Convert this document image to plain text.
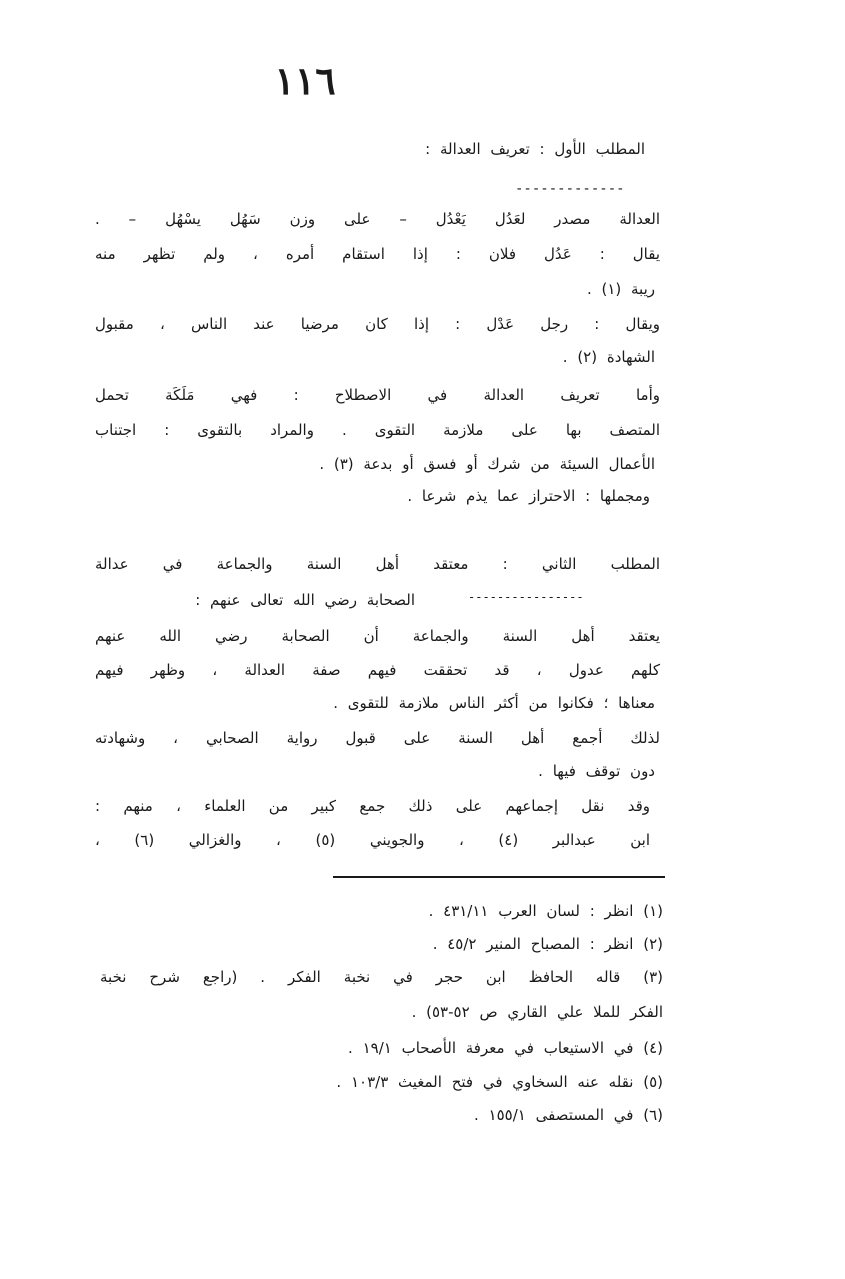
١١٦
المطلب الأول : تعريف العدالة :
-------------
العدالة مصدر لعَدُل يَعْدُل – على وزن سَهُل يسْهُل – .
يقال : عَدُل فلان : إذا استقام أمره ، ولم تظهر منه
ريبة (١) .
ويقال : رجل عَدْل : إذا كان مرضيا عند الناس ، مقبول
الشهادة (٢) .
وأما تعريف العدالة في الاصطلاح : فهي مَلَكَة تحمل
المتصف بها على ملازمة التقوى . والمراد بالتقوى : اجتناب
الأعمال السيئة من شرك أو فسق أو بدعة (٣) .
ومجملها : الاحتراز عما يذم شرعا .
المطلب الثاني : معتقد أهل السنة والجماعة في عدالة
----------------
الصحابة رضي الله تعالى عنهم :
يعتقد أهل السنة والجماعة أن الصحابة رضي الله عنهم
كلهم عدول ، قد تحققت فيهم صفة العدالة ، وظهر فيهم
معناها ؛ فكانوا من أكثر الناس ملازمة للتقوى .
لذلك أجمع أهل السنة على قبول رواية الصحابي ، وشهادته
دون توقف فيها .
وقد نقل إجماعهم على ذلك جمع كبير من العلماء ، منهم :
ابن عبدالبر (٤) ، والجويني (٥) ، والغزالي (٦) ،
(١) انظر : لسان العرب ٤٣١/١١ .
(٢) انظر : المصباح المنير ٤٥/٢ .
(٣) قاله الحافظ ابن حجر في نخبة الفكر . (راجع شرح نخبة
الفكر للملا علي القاري ص ٥٢-٥٣) .
(٤) في الاستيعاب في معرفة الأصحاب ١٩/١ .
(٥) نقله عنه السخاوي في فتح المغيث ١٠٣/٣ .
(٦) في المستصفى ١٥٥/١ .
